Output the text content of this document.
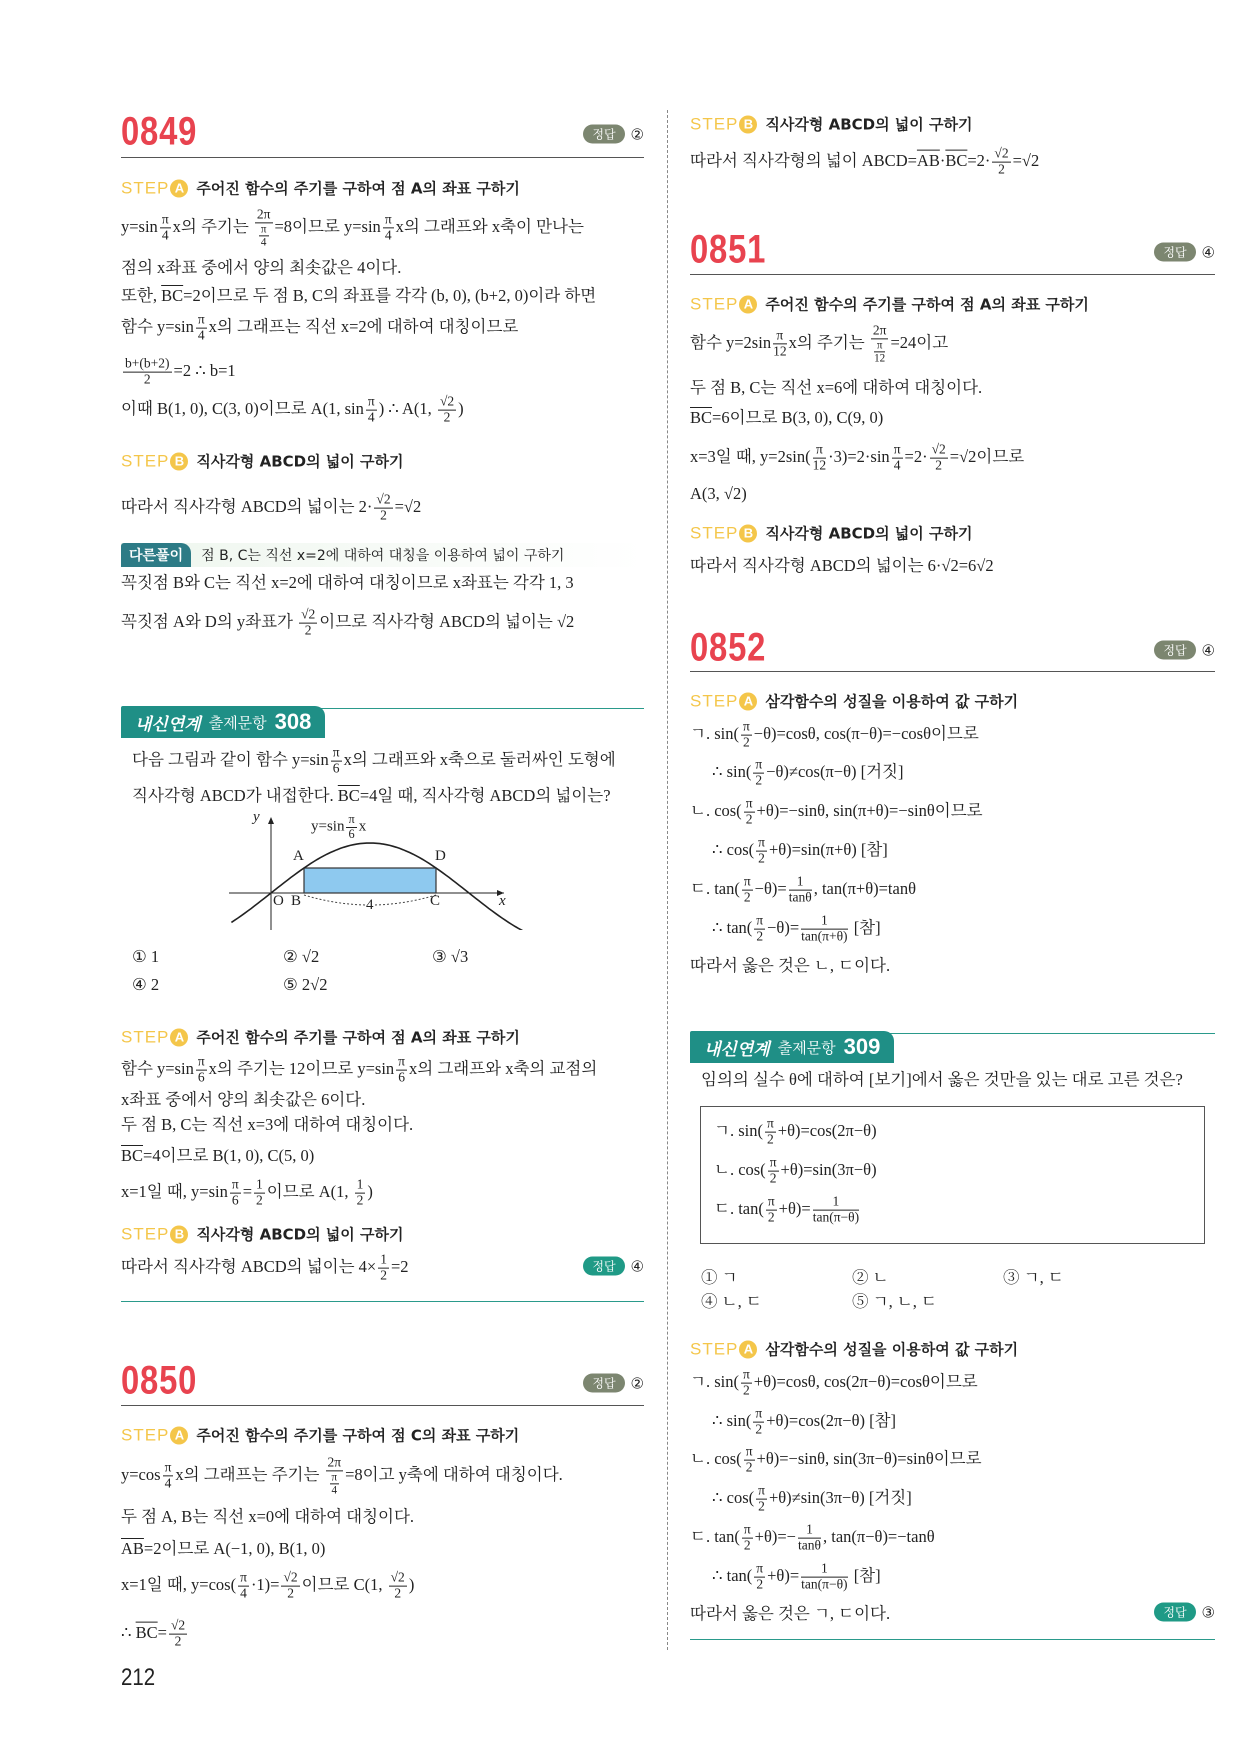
0849	정답	②
STEP A 주어진 함수의 주기를 구하여 점 A의 좌표 구하기
$y=\sin \frac{\pi}{4}$ x의 주기는 $\frac{2\pi}{\frac{\pi}{4}} =8$이므로 $y=\sin \frac{\pi}{4}$ x의 그래프와 x축이 만나는
점의 x좌표 중에서 양의 최솟값은 4이다.
또한, $\overline{BC}=2$이므로 두 점 B, C의 좌표를 각각 (b, 0), (b+2, 0)이라 하면
함수 $y=\sin \frac{\pi}{4}$ x의 그래프는 직선 x=2에 대하여 대칭이므로
$\frac{b+(b+2)}{2} =2$ ∴ b=1
이때 B(1, 0), C(3, 0)이므로 A(1, $\sin \frac{\pi}{4}$ ) ∴ A(1, $\frac{√2}{2}$ )
STEP B 직사각형 ABCD의 넓이 구하기
따라서 직사각형 ABCD의 넓이는 $2\cdot \frac{√2}{2} =√2$
다른풀이	점 B, C는 직선 x=2에 대하여 대칭을 이용하여 넓이 구하기
꼭짓점 B와 C는 직선 x=2에 대하여 대칭이므로 x좌표는 각각 1, 3
꼭짓점 A와 D의 y좌표가 $\frac{√2}{2}$ 이므로 직사각형 ABCD의 넓이는 √2
내신연계 출제문항 308
다음 그림과 같이 함수 $y=\sin \frac{\pi}{6}$ x의 그래프와 x축으로 둘러싸인 도형에
직사각형 ABCD가 내접한다. $\overline{BC}=4$일 때, 직사각형 ABCD의 넓이는?
$y=\sin \frac{\pi}{6}$ x
y
x
O
A
B	C
D
4
① 1	② √2	③ √3
④ 2	⑤ 2√2
STEP A 주어진 함수의 주기를 구하여 점 A의 좌표 구하기
함수 $y=\sin \frac{\pi}{6}$ x의 주기는 12이므로 $y=\sin \frac{\pi}{6}$ x의 그래프와 x축의 교점의
x좌표 중에서 양의 최솟값은 6이다.
두 점 B, C는 직선 x=3에 대하여 대칭이다.
$\overline{BC}=4$이므로 B(1, 0), C(5, 0)
x=1일 때, $y=\sin \frac{\pi}{6} = \frac{1}{2}$ 이므로 A(1, $\frac{1}{2}$ )
STEP B 직사각형 ABCD의 넓이 구하기
따라서 직사각형 ABCD의 넓이는 $4\times \frac{1}{2} =2$	정답	④
0850	정답	②
STEP A 주어진 함수의 주기를 구하여 점 C의 좌표 구하기
$y=\cos \frac{\pi}{4}$ x의 그래프는 주기는 $\frac{2\pi}{\frac{\pi}{4}} =8$이고 y축에 대하여 대칭이다.
두 점 A, B는 직선 x=0에 대하여 대칭이다.
$\overline{AB}=2$이므로 A(−1, 0), B(1, 0)
x=1일 때, $y=\cos( \frac{\pi}{4} \cdot 1)= \frac{√2}{2}$ 이므로 C(1, $\frac{√2}{2}$ )
∴ $\overline{BC}= \frac{√2}{2}$
212
STEP B 직사각형 ABCD의 넓이 구하기
따라서 직사각형의 넓이 $ABCD=\overline{AB}\cdot\overline{BC}=2\cdot \frac{√2}{2} =√2$
0851	정답	④
STEP A 주어진 함수의 주기를 구하여 점 A의 좌표 구하기
함수 $y=2\sin \frac{\pi}{12}$ x의 주기는 $\frac{2\pi}{\frac{\pi}{12}} =24$이고
두 점 B, C는 직선 x=6에 대하여 대칭이다.
$\overline{BC}=6$이므로 B(3, 0), C(9, 0)
x=3일 때, $y=2\sin( \frac{\pi}{12} \cdot 3)=2\cdot\sin \frac{\pi}{4} =2\cdot \frac{√2}{2} =√2$이므로
A(3, √2)
STEP B 직사각형 ABCD의 넓이 구하기
따라서 직사각형 ABCD의 넓이는 6·√2=6√2
0852	정답	④
STEP A 삼각함수의 성질을 이용하여 값 구하기
ㄱ. $\sin( \frac{\pi}{2} -\theta)=\cos\theta$, cos(π−θ)=−cosθ이므로
∴ $\sin( \frac{\pi}{2} -\theta)\ne\cos(\pi-\theta)$ [거짓]
ㄴ. $\cos( \frac{\pi}{2} +\theta)=-\sin\theta$, sin(π+θ)=−sinθ이므로
∴ $\cos( \frac{\pi}{2} +\theta)=\sin(\pi+\theta)$ [참]
ㄷ. $\tan( \frac{\pi}{2} -\theta)= \frac{1}{\tan\theta}$ , tan(π+θ)=tanθ
∴ $\tan( \frac{\pi}{2} -\theta)= \frac{1}{\tan(\pi+\theta)}$ [참]
따라서 옳은 것은 ㄴ, ㄷ이다.
내신연계 출제문항 309
임의의 실수 θ에 대하여 [보기]에서 옳은 것만을 있는 대로 고른 것은?
ㄱ. $\sin( \frac{\pi}{2} +\theta)=\cos(2\pi-\theta)$
ㄴ. $\cos( \frac{\pi}{2} +\theta)=\sin(3\pi-\theta)$
ㄷ. $\tan( \frac{\pi}{2} +\theta)= \frac{1}{\tan(\pi-\theta)}$
① ㄱ	② ㄴ	③ ㄱ, ㄷ
④ ㄴ, ㄷ	⑤ ㄱ, ㄴ, ㄷ
STEP A 삼각함수의 성질을 이용하여 값 구하기
ㄱ. $\sin( \frac{\pi}{2} +\theta)=\cos\theta$, cos(2π−θ)=cosθ이므로
∴ $\sin( \frac{\pi}{2} +\theta)=\cos(2\pi-\theta)$ [참]
ㄴ. $\cos( \frac{\pi}{2} +\theta)=-\sin\theta$, sin(3π−θ)=sinθ이므로
∴ $\cos( \frac{\pi}{2} +\theta)\ne\sin(3\pi-\theta)$ [거짓]
ㄷ. $\tan( \frac{\pi}{2} +\theta)=- \frac{1}{\tan\theta}$ , tan(π−θ)=−tanθ
∴ $\tan( \frac{\pi}{2} +\theta)= \frac{1}{\tan(\pi-\theta)}$ [참]
따라서 옳은 것은 ㄱ, ㄷ이다.	정답	③
